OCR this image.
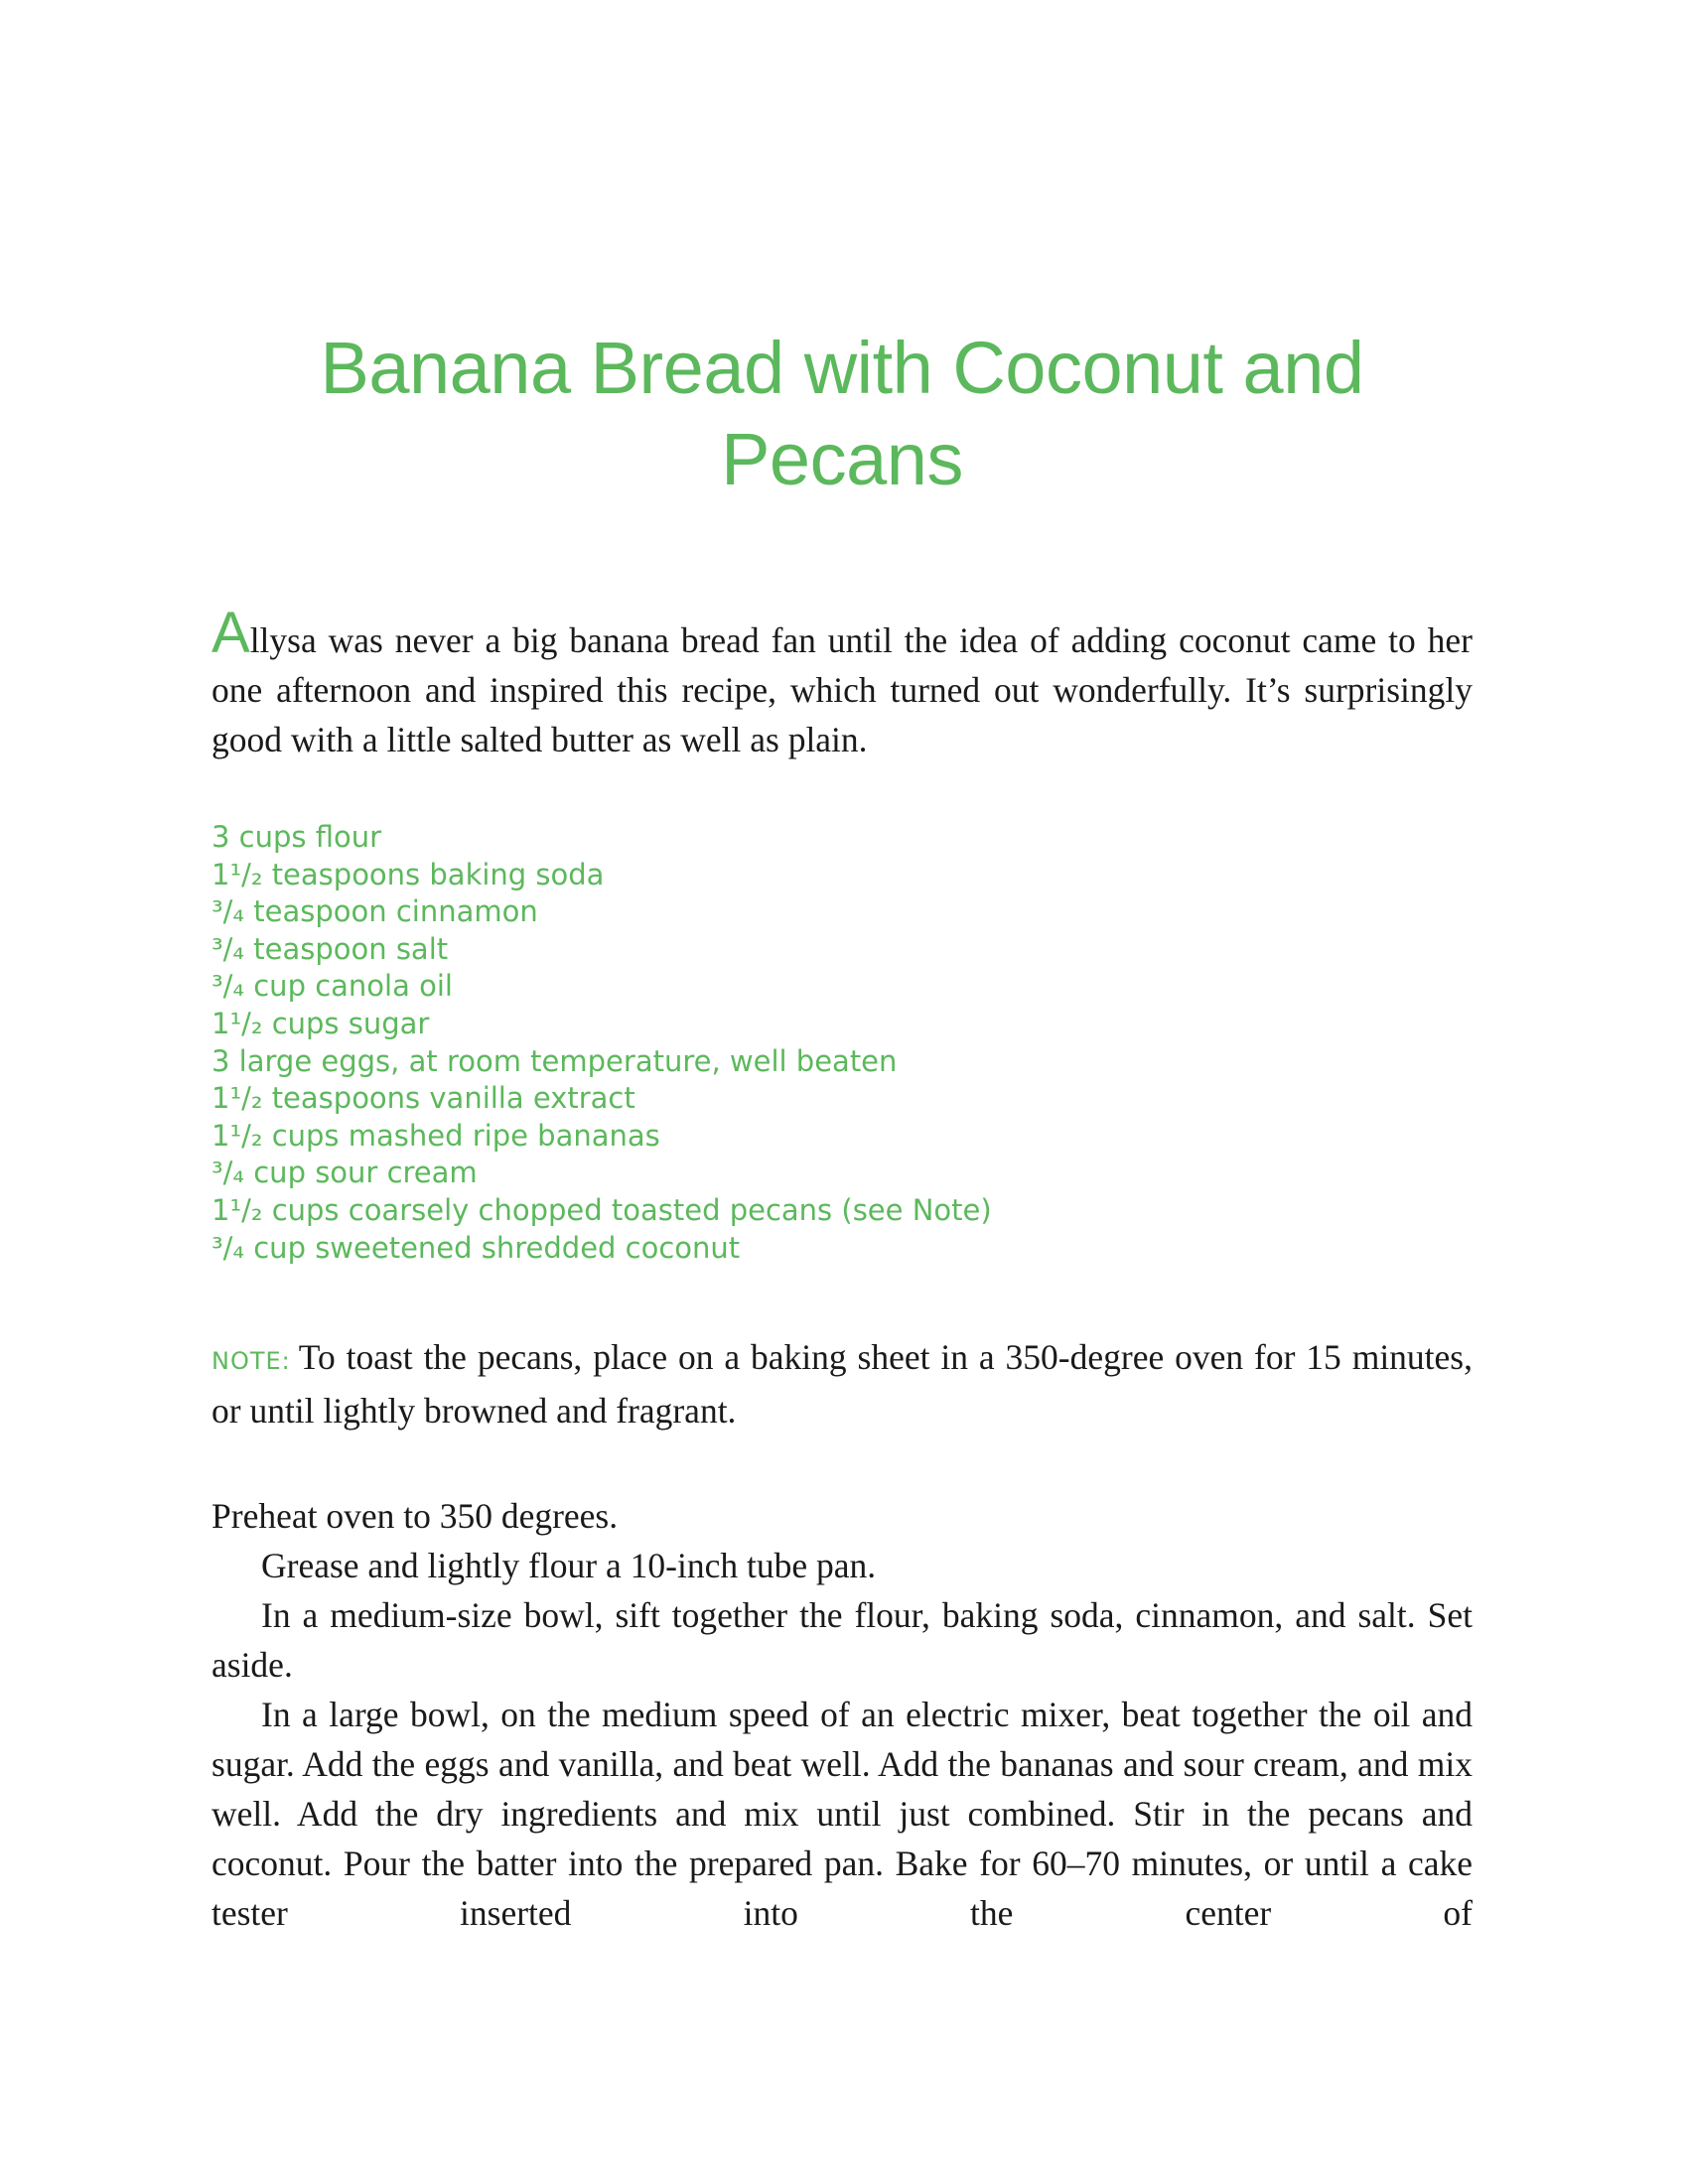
Banana Bread with Coconut and
Pecans

Allysa was never a big banana bread fan until the idea of adding coconut came to her one afternoon and inspired this recipe, which turned out wonderfully. It’s surprisingly good with a little salted butter as well as plain.

3 cups flour
1¹/₂ teaspoons baking soda
³/₄ teaspoon cinnamon
³/₄ teaspoon salt
³/₄ cup canola oil
1¹/₂ cups sugar
3 large eggs, at room temperature, well beaten
1¹/₂ teaspoons vanilla extract
1¹/₂ cups mashed ripe bananas
³/₄ cup sour cream
1¹/₂ cups coarsely chopped toasted pecans (see Note)
³/₄ cup sweetened shredded coconut

NOTE: To toast the pecans, place on a baking sheet in a 350-degree oven for 15 minutes, or until lightly browned and fragrant.

Preheat oven to 350 degrees.

Grease and lightly flour a 10-inch tube pan.

In a medium-size bowl, sift together the flour, baking soda, cinnamon, and salt. Set aside.

In a large bowl, on the medium speed of an electric mixer, beat together the oil and sugar. Add the eggs and vanilla, and beat well. Add the bananas and sour cream, and mix well. Add the dry ingredients and mix until just combined. Stir in the pecans and coconut. Pour the batter into the prepared pan. Bake for 60–70 minutes, or until a cake tester inserted into the center of
